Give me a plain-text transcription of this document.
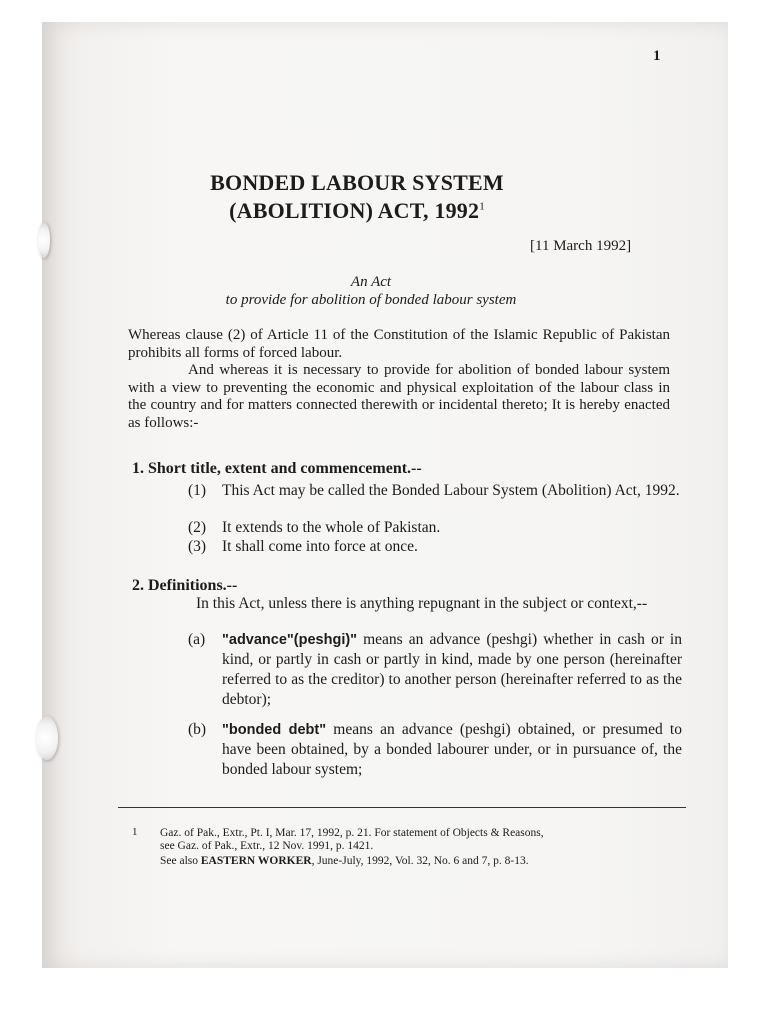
1
BONDED LABOUR SYSTEM
(ABOLITION) ACT, 1992$^1$
[11 March 1992]
An Act
to provide for abolition of bonded labour system
Whereas clause (2) of Article 11 of the Constitution of the Islamic Republic of Pakistan prohibits all forms of forced labour.
And whereas it is necessary to provide for abolition of bonded labour system with a view to preventing the economic and physical exploitation of the labour class in the country and for matters connected therewith or incidental thereto; It is hereby enacted as follows:-
1. Short title, extent and commencement.--
(1)	This Act may be called the Bonded Labour System (Abolition) Act, 1992.
(2)	It extends to the whole of Pakistan.
(3)	It shall come into force at once.
2. Definitions.--
In this Act, unless there is anything repugnant in the subject or context,--
(a)	"advance"(peshgi)" means an advance (peshgi) whether in cash or in kind, or partly in cash or partly in kind, made by one person (hereinafter referred to as the creditor) to another person (hereinafter referred to as the debtor);
(b)	"bonded debt" means an advance (peshgi) obtained, or presumed to have been obtained, by a bonded labourer under, or in pursuance of, the bonded labour system;
1 Gaz. of Pak., Extr., Pt. I, Mar. 17, 1992, p. 21. For statement of Objects & Reasons,
see Gaz. of Pak., Extr., 12 Nov. 1991, p. 1421.
See also EASTERN WORKER, June-July, 1992, Vol. 32, No. 6 and 7, p. 8-13.
